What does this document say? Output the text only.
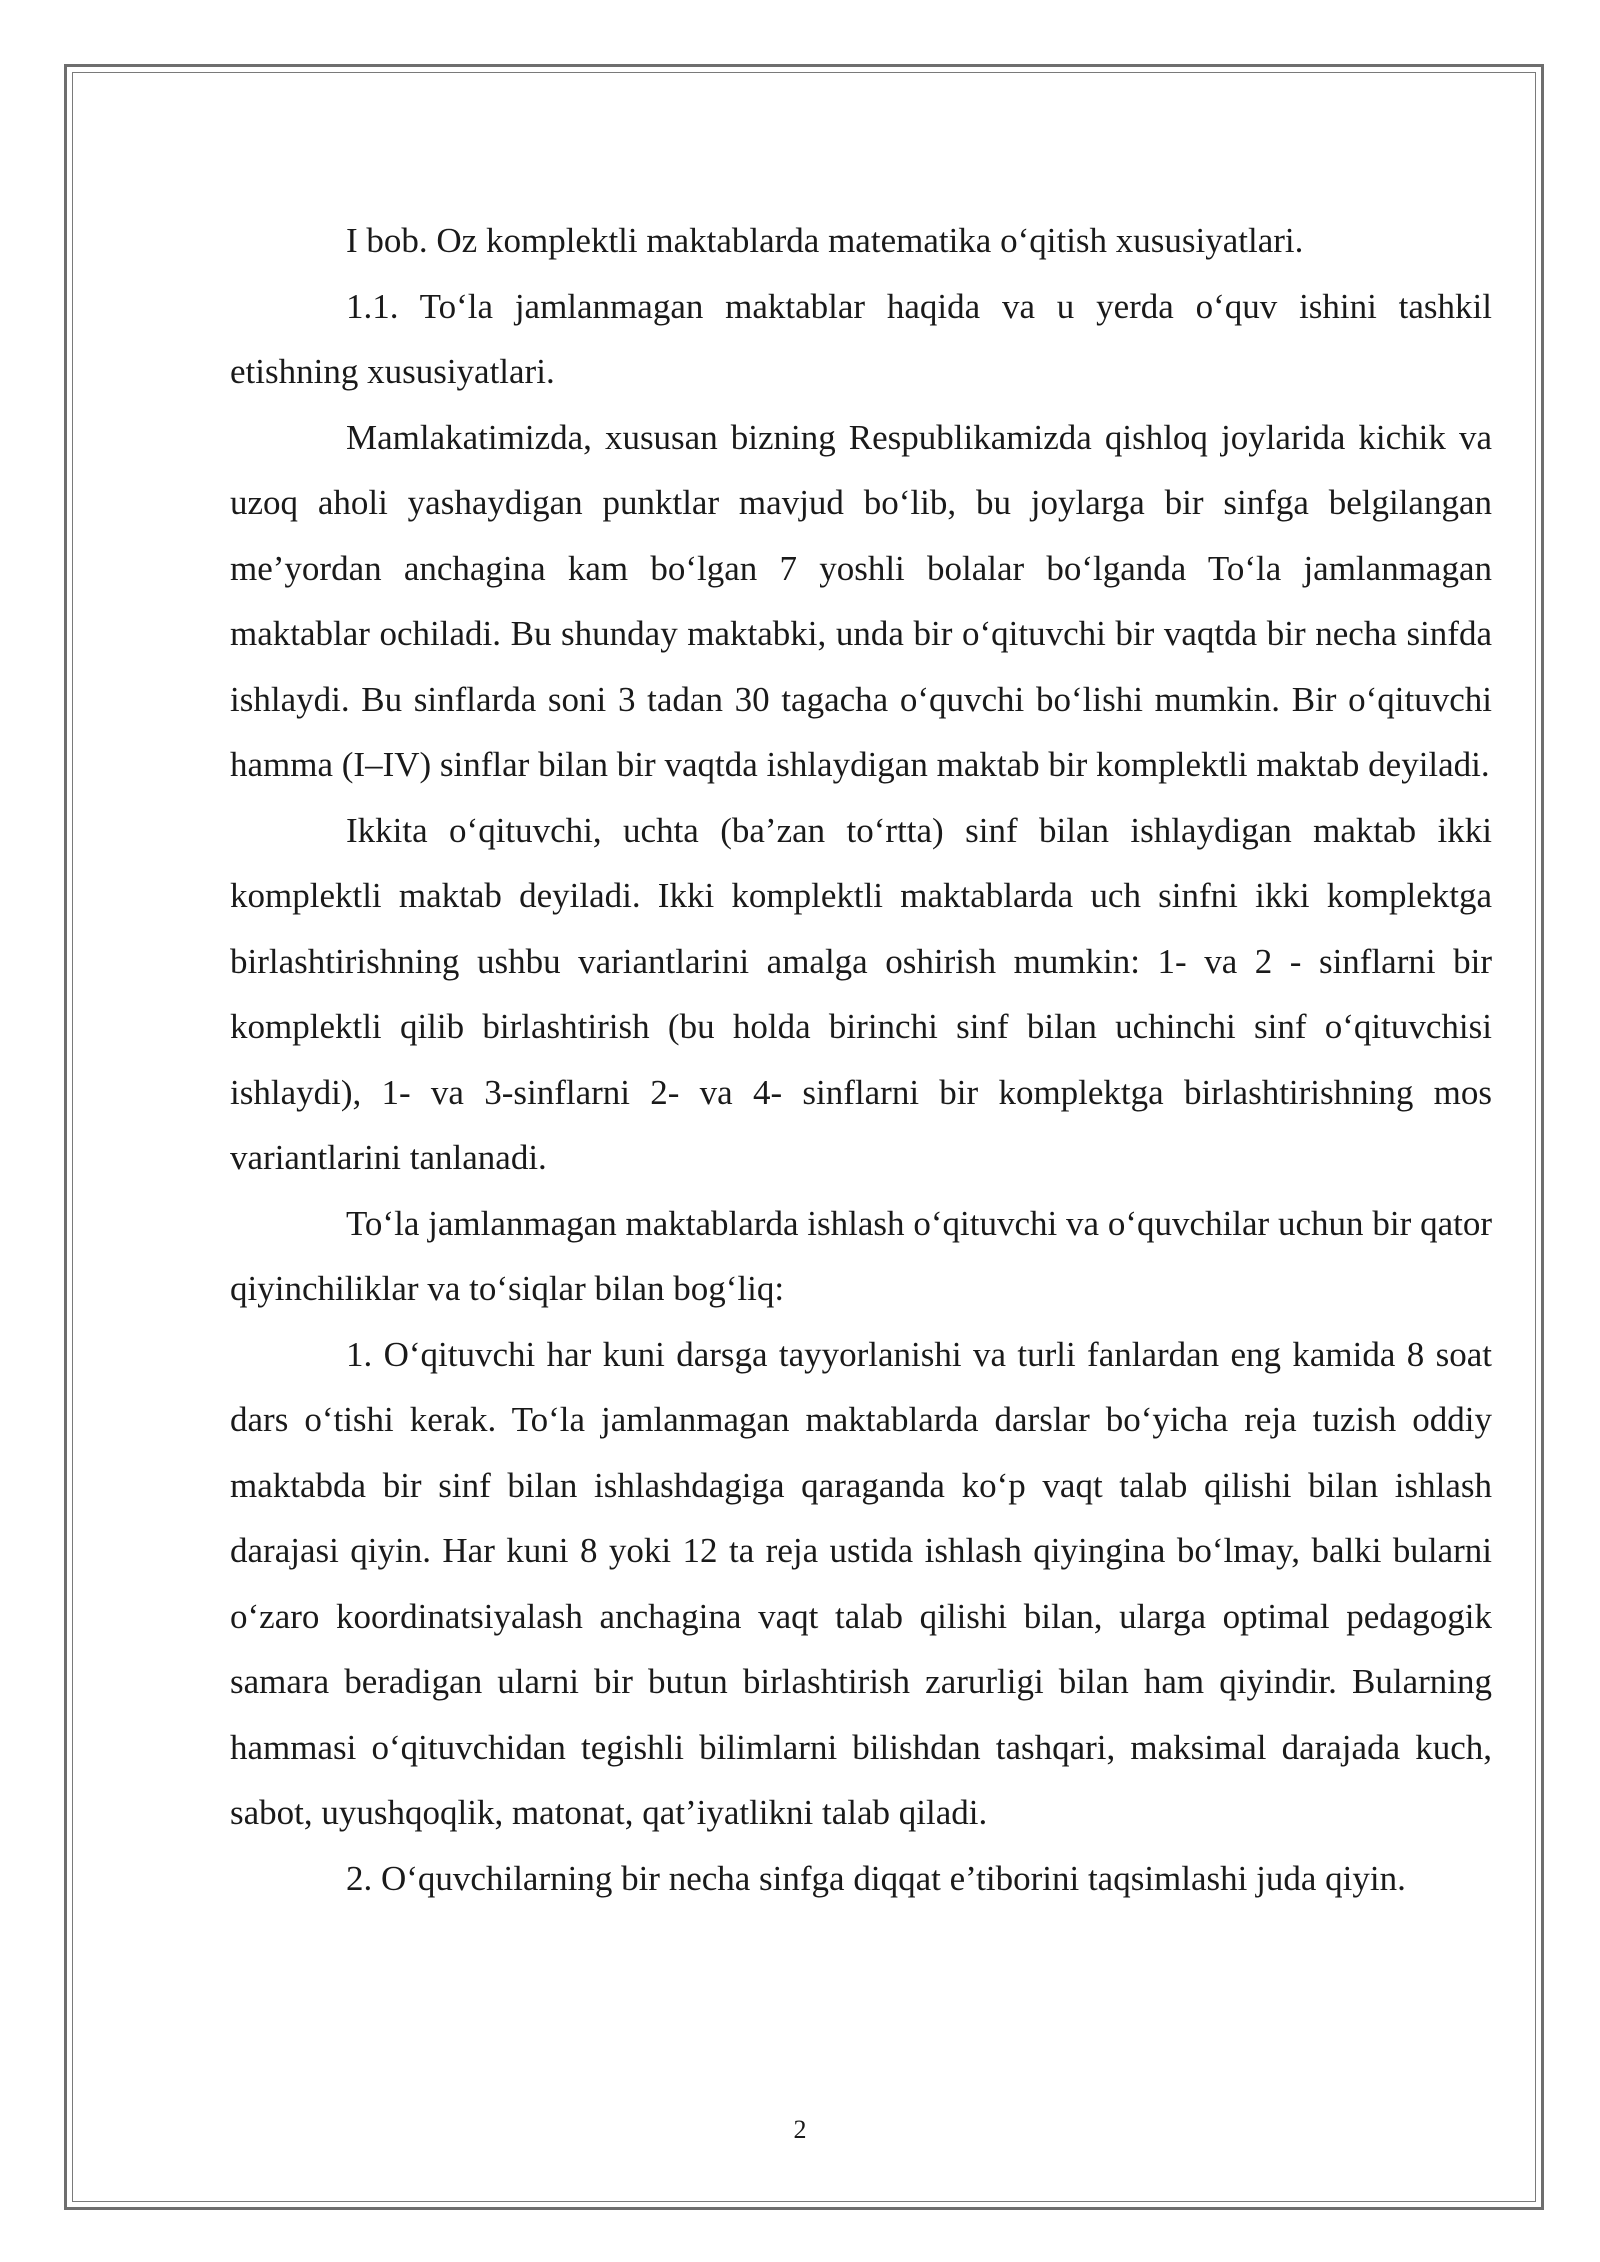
I bob. Oz komplektli maktablarda matematika oʻqitish xususiyatlari.

1.1. Toʻla jamlanmagan maktablar haqida va u yerda oʻquv ishini tashkil etishning xususiyatlari.

Mamlakatimizda, xususan bizning Respublikamizda qishloq joylarida kichik va uzoq aholi yashaydigan punktlar mavjud boʻlib, bu joylarga bir sinfga belgilangan me’yordan anchagina kam boʻlgan 7 yoshli bolalar boʻlganda Toʻla jamlanmagan maktablar ochiladi. Bu shunday maktabki, unda bir oʻqituvchi bir vaqtda bir necha sinfda ishlaydi. Bu sinflarda soni 3 tadan 30 tagacha oʻquvchi boʻlishi mumkin. Bir oʻqituvchi hamma (I–IV) sinflar bilan bir vaqtda ishlaydigan maktab bir komplektli maktab deyiladi.

Ikkita oʻqituvchi, uchta (ba’zan toʻrtta) sinf bilan ishlaydigan maktab ikki komplektli maktab deyiladi. Ikki komplektli maktablarda uch sinfni ikki komplektga birlashtirishning ushbu variantlarini amalga oshirish mumkin: 1- va 2 - sinflarni bir komplektli qilib birlashtirish (bu holda birinchi sinf bilan uchinchi sinf oʻqituvchisi ishlaydi), 1- va 3-sinflarni 2- va 4- sinflarni bir komplektga birlashtirishning mos variantlarini tanlanadi.

Toʻla jamlanmagan maktablarda ishlash oʻqituvchi va oʻquvchilar uchun bir qator qiyinchiliklar va toʻsiqlar bilan bogʻliq:

1. Oʻqituvchi har kuni darsga tayyorlanishi va turli fanlardan eng kamida 8 soat dars oʻtishi kerak. Toʻla jamlanmagan maktablarda darslar boʻyicha reja tuzish oddiy maktabda bir sinf bilan ishlashdagiga qaraganda koʻp vaqt talab qilishi bilan ishlash darajasi qiyin. Har kuni 8 yoki 12 ta reja ustida ishlash qiyingina boʻlmay, balki bularni oʻzaro koordinatsiyalash anchagina vaqt talab qilishi bilan, ularga optimal pedagogik samara beradigan ularni bir butun birlashtirish zarurligi bilan ham qiyindir. Bularning hammasi oʻqituvchidan tegishli bilimlarni bilishdan tashqari, maksimal darajada kuch, sabot, uyushqoqlik, matonat, qat’iyatlikni talab qiladi.

2. Oʻquvchilarning bir necha sinfga diqqat e’tiborini taqsimlashi juda qiyin.

2
